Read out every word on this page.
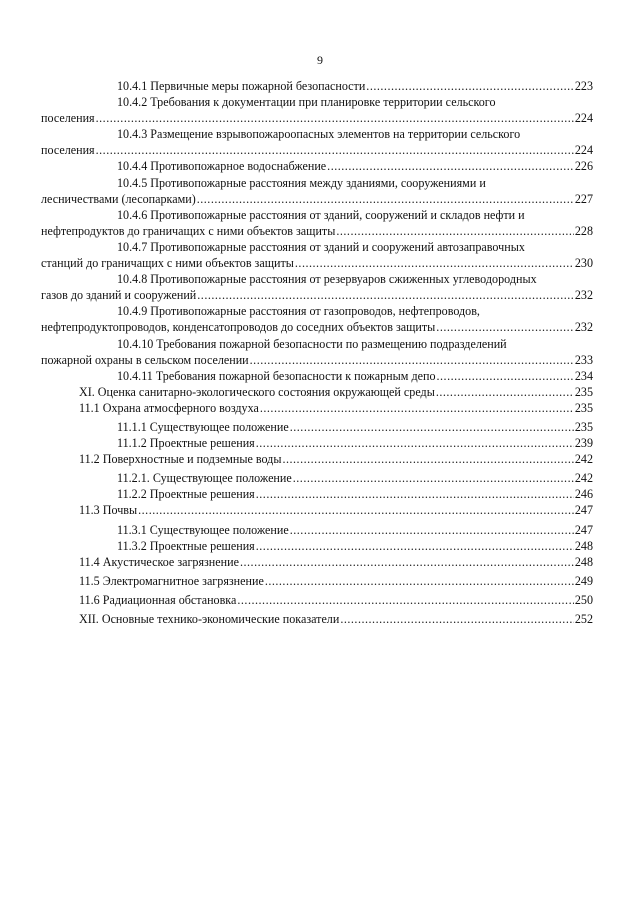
9
10.4.1 Первичные меры пожарной безопасности .....	223
10.4.2 Требования к документации при планировке территории сельского
поселения .....	224
10.4.3 Размещение взрывопожароопасных элементов на территории сельского
поселения .....	224
10.4.4 Противопожарное водоснабжение .....	226
10.4.5 Противопожарные расстояния между зданиями, сооружениями и
лесничествами (лесопарками) .....	227
10.4.6 Противопожарные расстояния от зданий, сооружений и складов нефти и
нефтепродуктов до граничащих с ними объектов защиты .....	228
10.4.7 Противопожарные расстояния от зданий и сооружений автозаправочных
станций до граничащих с ними объектов защиты .....	230
10.4.8 Противопожарные расстояния от резервуаров сжиженных углеводородных
газов до зданий и сооружений .....	232
10.4.9 Противопожарные расстояния от газопроводов, нефтепроводов,
нефтепродуктопроводов, конденсатопроводов до соседних объектов защиты .....	232
10.4.10 Требования пожарной безопасности по размещению подразделений
пожарной охраны в сельском поселении .....	233
10.4.11 Требования пожарной безопасности к пожарным депо .....	234
XI. Оценка санитарно-экологического состояния окружающей среды .....	235
11.1 Охрана атмосферного воздуха .....	235
11.1.1 Существующее положение .....	235
11.1.2 Проектные решения .....	239
11.2 Поверхностные и подземные воды .....	242
11.2.1. Существующее положение .....	242
11.2.2 Проектные решения .....	246
11.3 Почвы .....	247
11.3.1 Существующее положение .....	247
11.3.2 Проектные решения .....	248
11.4 Акустическое загрязнение .....	248
11.5 Электромагнитное загрязнение .....	249
11.6 Радиационная обстановка .....	250
XII. Основные технико-экономические показатели .....	252
